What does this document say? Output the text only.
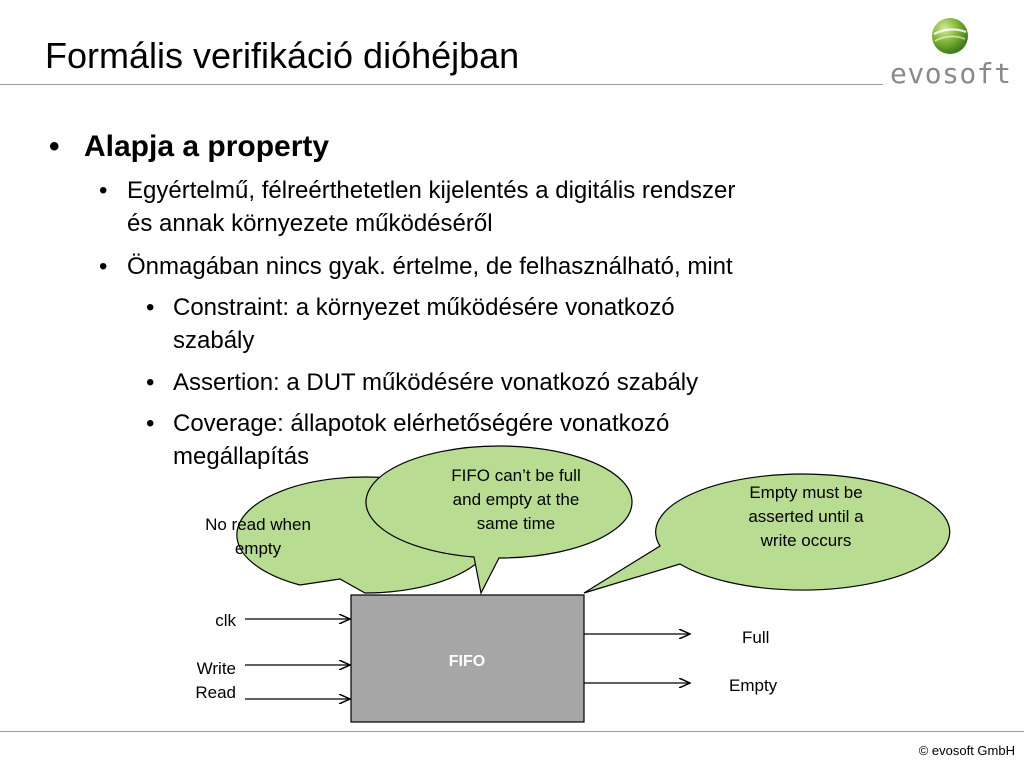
Formális verifikáció dióhéjban	evosoft
• Alapja a property
• Egyértelmű, félreérthetetlen kijelentés a digitális rendszer
és annak környezete működéséről
• Önmagában nincs gyak. értelme, de felhasználható, mint
• Constraint: a környezet működésére vonatkozó
szabály
• Assertion: a DUT működésére vonatkozó szabály
• Coverage: állapotok elérhetőségére vonatkozó
megállapítás
No read when
empty
FIFO can’t be full
and empty at the
same time
Empty must be
asserted until a
write occurs
FIFO
clk
Write
Read
Full
Empty
© evosoft GmbH
